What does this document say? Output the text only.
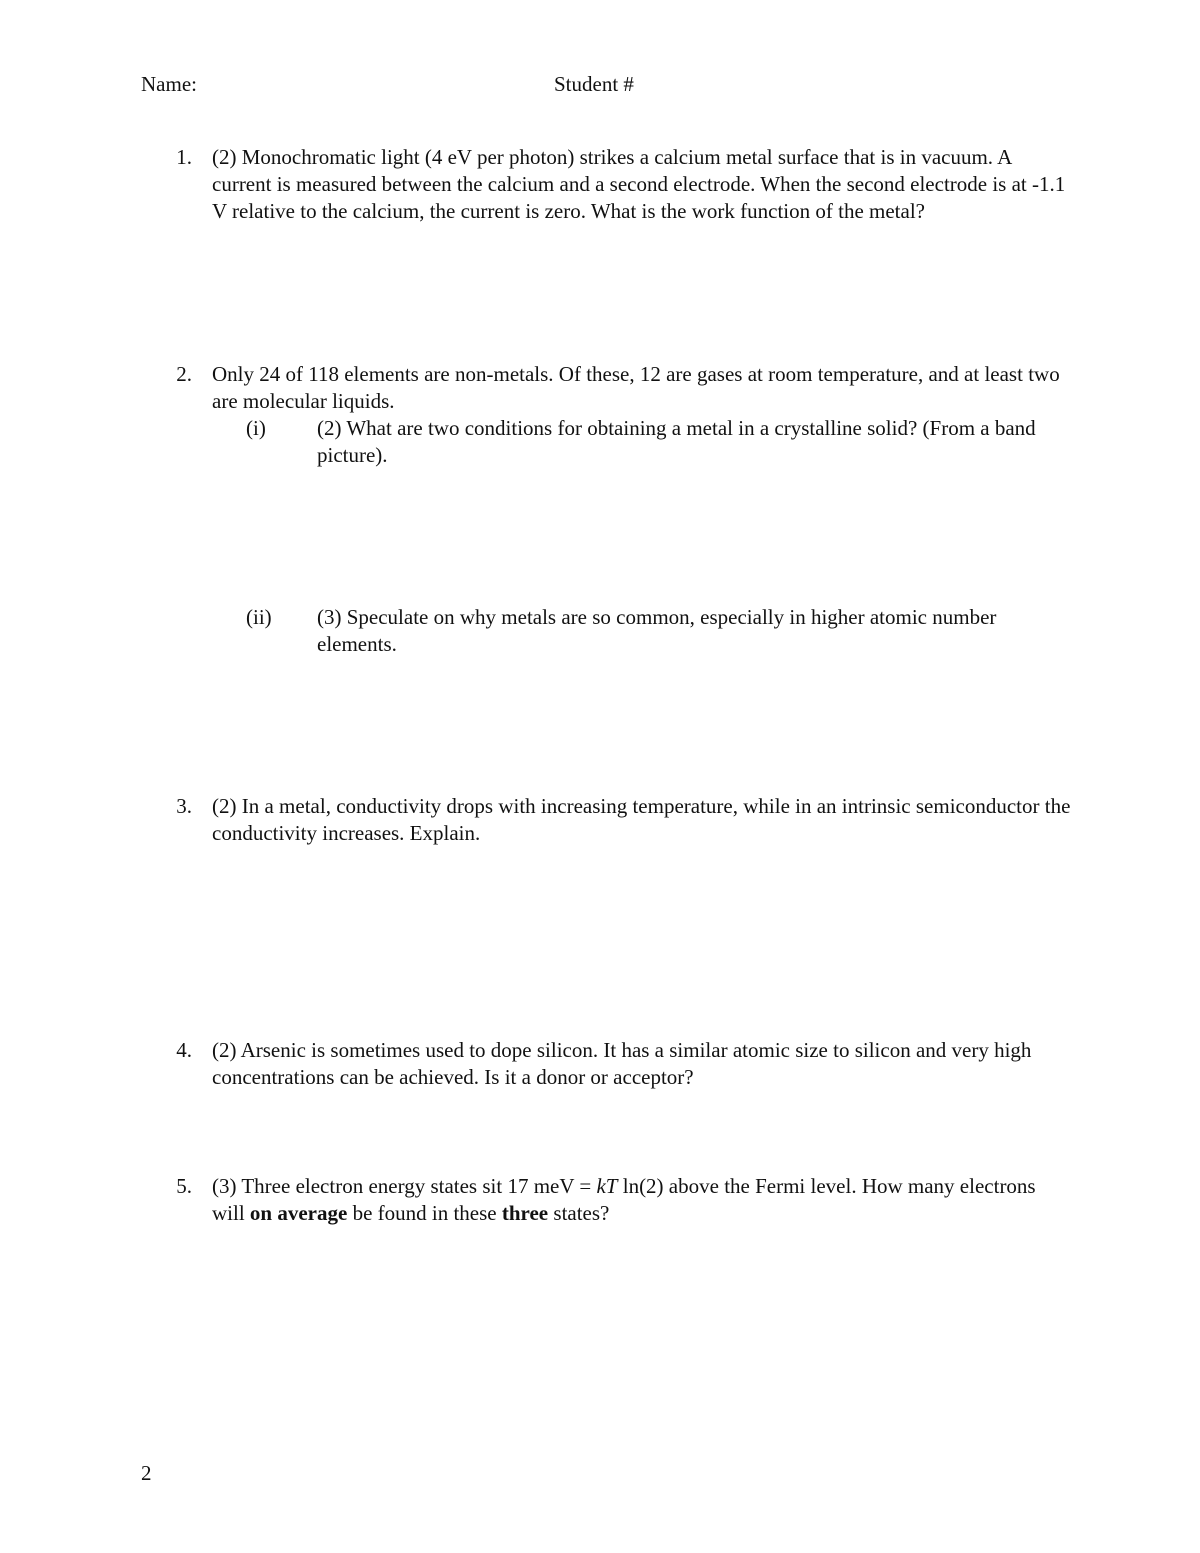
Name:	Student #
1. (2) Monochromatic light (4 eV per photon) strikes a calcium metal surface that is in vacuum. A current is measured between the calcium and a second electrode. When the second electrode is at -1.1 V relative to the calcium, the current is zero. What is the work function of the metal?
2. Only 24 of 118 elements are non-metals. Of these, 12 are gases at room temperature, and at least two are molecular liquids.
(i) (2) What are two conditions for obtaining a metal in a crystalline solid? (From a band picture).
(ii) (3) Speculate on why metals are so common, especially in higher atomic number elements.
3. (2) In a metal, conductivity drops with increasing temperature, while in an intrinsic semiconductor the conductivity increases. Explain.
4. (2) Arsenic is sometimes used to dope silicon. It has a similar atomic size to silicon and very high concentrations can be achieved. Is it a donor or acceptor?
5. (3) Three electron energy states sit 17 meV = kT ln(2) above the Fermi level. How many electrons will on average be found in these three states?
2
